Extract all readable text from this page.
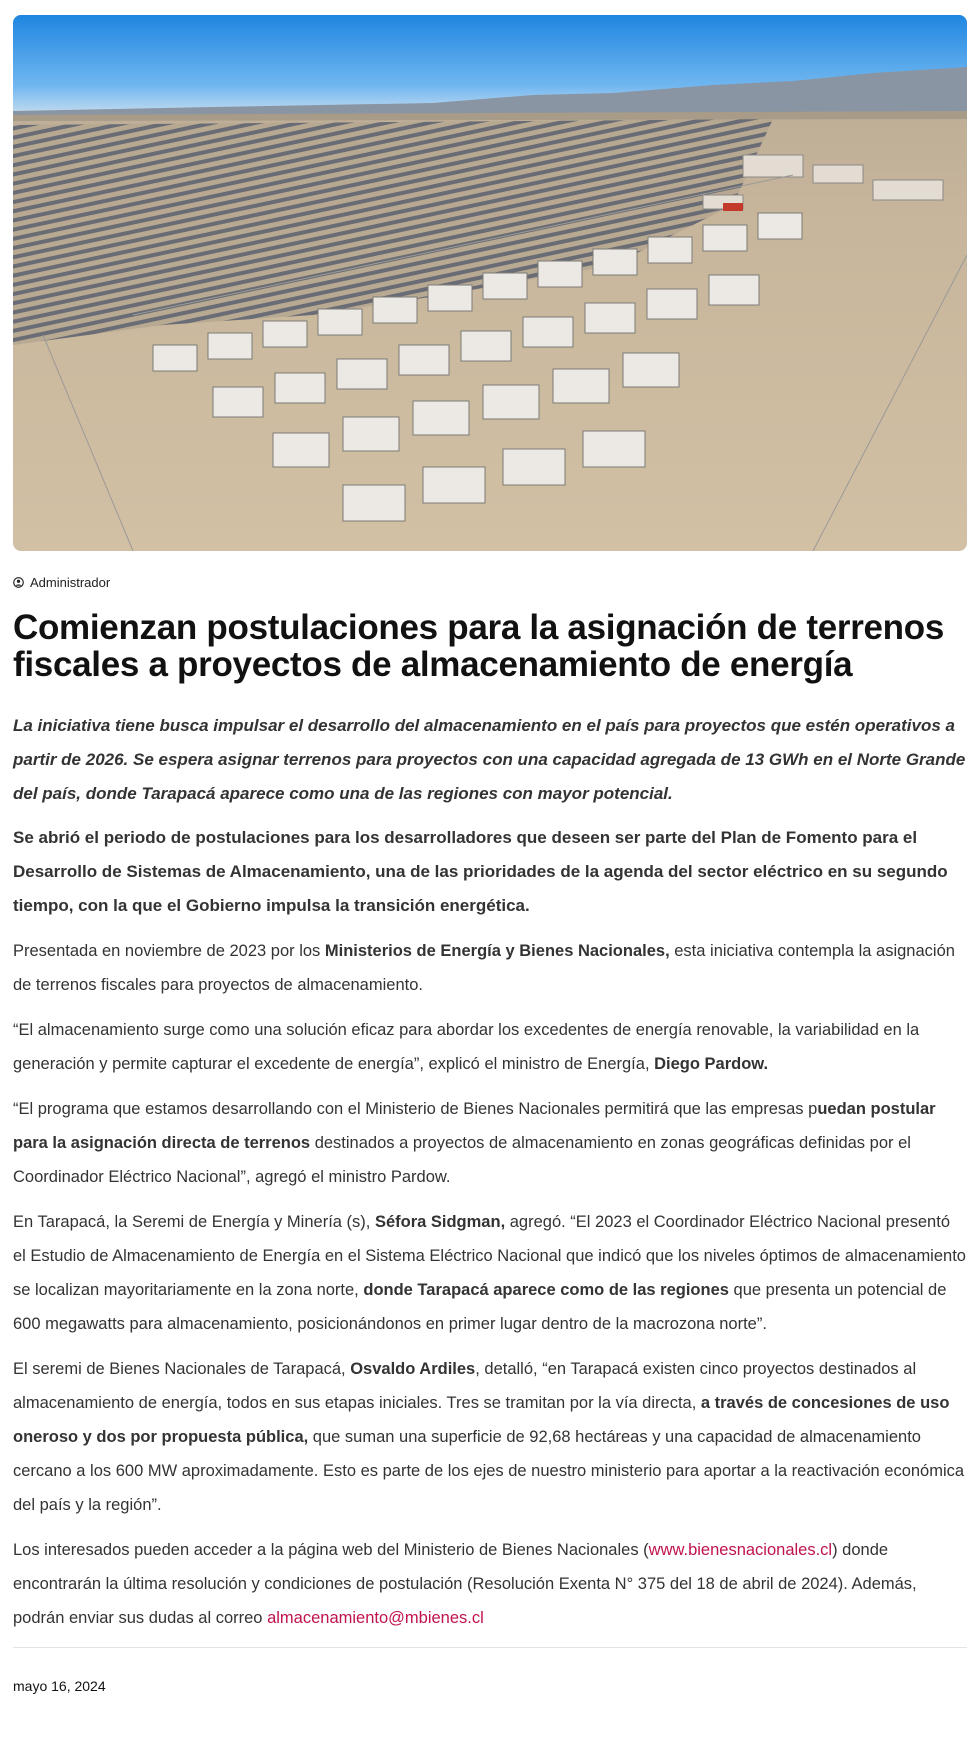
Administrador
Comienzan postulaciones para la asignación de terrenos fiscales a proyectos de almacenamiento de energía

La iniciativa tiene busca impulsar el desarrollo del almacenamiento en el país para proyectos que estén operativos a partir de 2026. Se espera asignar terrenos para proyectos con una capacidad agregada de 13 GWh en el Norte Grande del país, donde Tarapacá aparece como una de las regiones con mayor potencial.

Se abrió el periodo de postulaciones para los desarrolladores que deseen ser parte del Plan de Fomento para el Desarrollo de Sistemas de Almacenamiento, una de las prioridades de la agenda del sector eléctrico en su segundo tiempo, con la que el Gobierno impulsa la transición energética.

Presentada en noviembre de 2023 por los Ministerios de Energía y Bienes Nacionales, esta iniciativa contempla la asignación de terrenos fiscales para proyectos de almacenamiento.

“El almacenamiento surge como una solución eficaz para abordar los excedentes de energía renovable, la variabilidad en la generación y permite capturar el excedente de energía”, explicó el ministro de Energía, Diego Pardow.

“El programa que estamos desarrollando con el Ministerio de Bienes Nacionales permitirá que las empresas puedan postular para la asignación directa de terrenos destinados a proyectos de almacenamiento en zonas geográficas definidas por el Coordinador Eléctrico Nacional”, agregó el ministro Pardow.

En Tarapacá, la Seremi de Energía y Minería (s), Séfora Sidgman, agregó. “El 2023 el Coordinador Eléctrico Nacional presentó el Estudio de Almacenamiento de Energía en el Sistema Eléctrico Nacional que indicó que los niveles óptimos de almacenamiento se localizan mayoritariamente en la zona norte, donde Tarapacá aparece como de las regiones que presenta un potencial de 600 megawatts para almacenamiento, posicionándonos en primer lugar dentro de la macrozona norte”.

El seremi de Bienes Nacionales de Tarapacá, Osvaldo Ardiles, detalló, “en Tarapacá existen cinco proyectos destinados al almacenamiento de energía, todos en sus etapas iniciales. Tres se tramitan por la vía directa, a través de concesiones de uso oneroso y dos por propuesta pública, que suman una superficie de 92,68 hectáreas y una capacidad de almacenamiento cercano a los 600 MW aproximadamente. Esto es parte de los ejes de nuestro ministerio para aportar a la reactivación económica del país y la región”.

Los interesados pueden acceder a la página web del Ministerio de Bienes Nacionales (www.bienesnacionales.cl) donde encontrarán la última resolución y condiciones de postulación (Resolución Exenta N° 375 del 18 de abril de 2024). Además, podrán enviar sus dudas al correo almacenamiento@mbienes.cl

mayo 16, 2024
